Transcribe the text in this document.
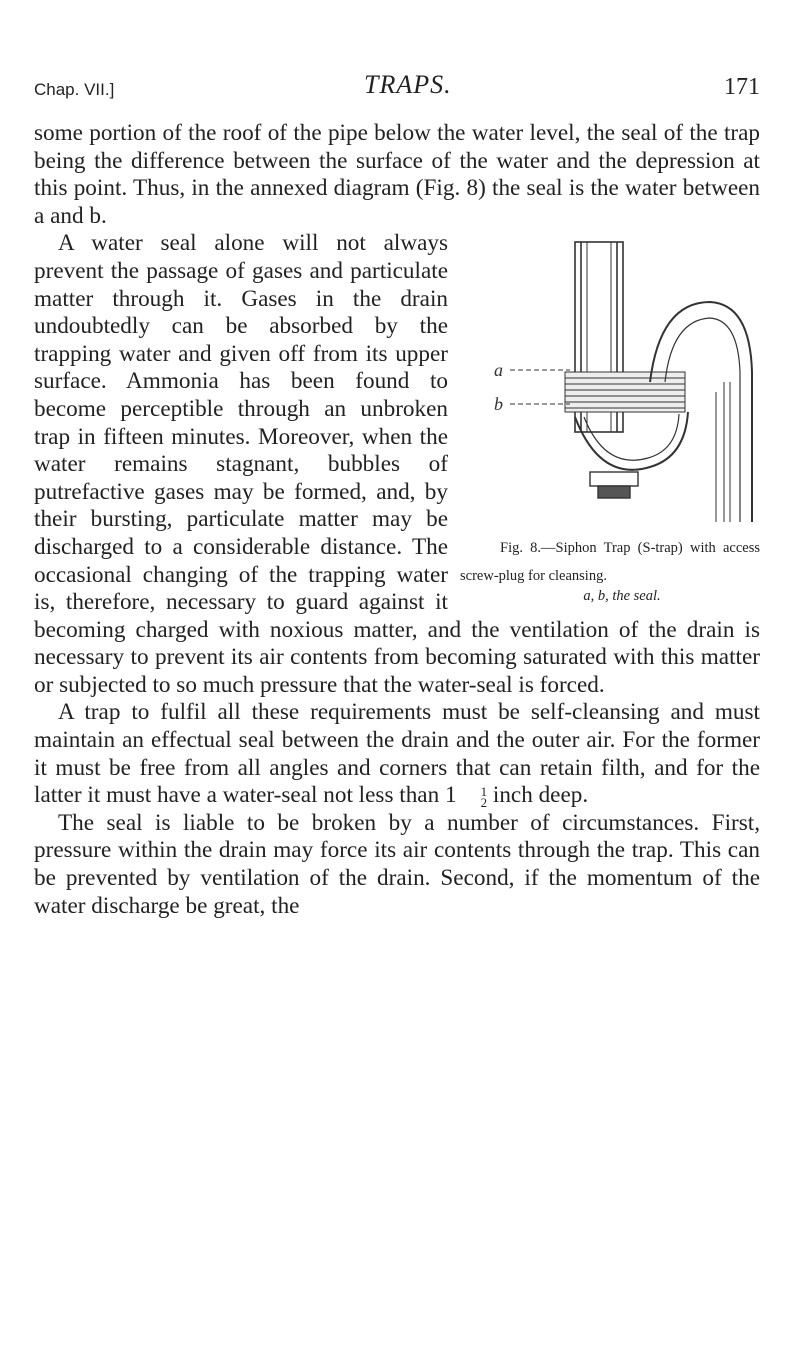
Chap. VII.]	TRAPS.	171

some portion of the roof of the pipe below the water level, the seal of the trap being the difference between the surface of the water and the depression at this point. Thus, in the annexed diagram (Fig. 8) the seal is the water between a and b.

a
b
Fig. 8.—Siphon Trap (S-trap) with access screw-plug for cleansing.
a, b, the seal.
A water seal alone will not always prevent the passage of gases and particulate matter through it. Gases in the drain undoubtedly can be absorbed by the trapping water and given off from its upper surface. Ammonia has been found to become perceptible through an unbroken trap in fifteen minutes. Moreover, when the water remains stagnant, bubbles of putrefactive gases may be formed, and, by their bursting, particulate matter may be discharged to a considerable distance. The occasional changing of the trapping water is, therefore, necessary to guard against it becoming charged with noxious matter, and the ventilation of the drain is necessary to prevent its air contents from becoming saturated with this matter or subjected to so much pressure that the water-seal is forced.

A trap to fulfil all these requirements must be self-cleansing and must maintain an effectual seal between the drain and the outer air. For the former it must be free from all angles and corners that can retain filth, and for the latter it must have a water-seal not less than 1	1
2 inch deep.

The seal is liable to be broken by a number of circumstances. First, pressure within the drain may force its air contents through the trap. This can be prevented by ventilation of the drain. Second, if the momentum of the water discharge be great, the
